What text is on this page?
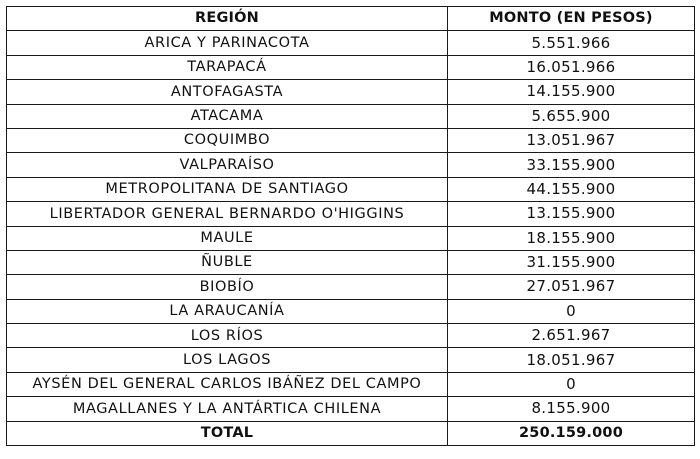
REGIÓN	MONTO (EN PESOS)
ARICA Y PARINACOTA	5.551.966
TARAPACÁ	16.051.966
ANTOFAGASTA	14.155.900
ATACAMA	5.655.900
COQUIMBO	13.051.967
VALPARAÍSO	33.155.900
METROPOLITANA DE SANTIAGO	44.155.900
LIBERTADOR GENERAL BERNARDO O'HIGGINS	13.155.900
MAULE	18.155.900
ÑUBLE	31.155.900
BIOBÍO	27.051.967
LA ARAUCANÍA	0
LOS RÍOS	2.651.967
LOS LAGOS	18.051.967
AYSÉN DEL GENERAL CARLOS IBÁÑEZ DEL CAMPO	0
MAGALLANES Y LA ANTÁRTICA CHILENA	8.155.900
TOTAL	250.159.000
